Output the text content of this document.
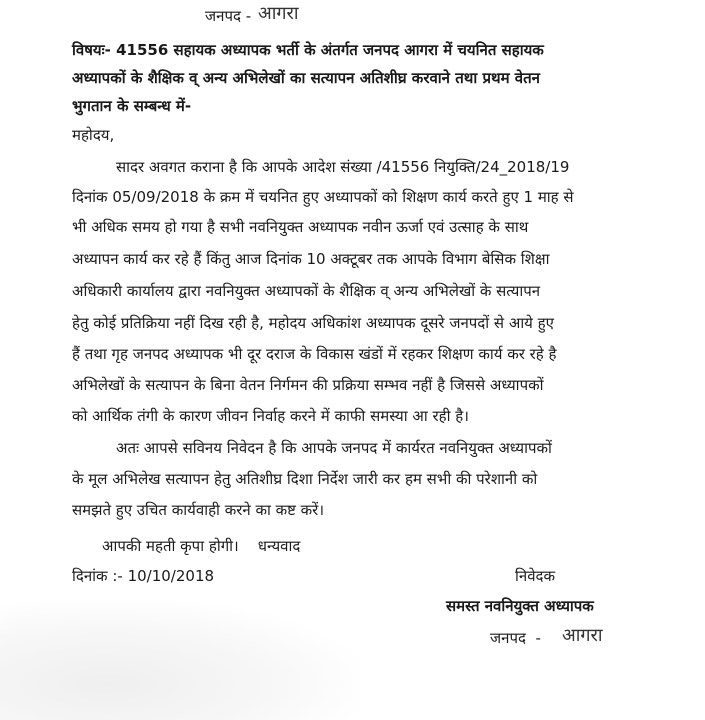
जनपद - आगरा
विषयः- 41556 सहायक अध्यापक भर्ती के अंतर्गत जनपद आगरा में चयनित सहायक
अध्यापकों के शैक्षिक व् अन्य अभिलेखों का सत्यापन अतिशीघ्र करवाने तथा प्रथम वेतन
भुगतान के सम्बन्ध में-
महोदय,
सादर अवगत कराना है कि आपके आदेश संख्या /41556 नियुक्ति/24_2018/19
दिनांक 05/09/2018 के क्रम में चयनित हुए अध्यापकों को शिक्षण कार्य करते हुए 1 माह से
भी अधिक समय हो गया है सभी नवनियुक्त अध्यापक नवीन ऊर्जा एवं उत्साह के साथ
अध्यापन कार्य कर रहे हैं किंतु आज दिनांक 10 अक्टूबर तक आपके विभाग बेसिक शिक्षा
अधिकारी कार्यालय द्वारा नवनियुक्त अध्यापकों के शैक्षिक व् अन्य अभिलेखों के सत्यापन
हेतु कोई प्रतिक्रिया नहीं दिख रही है, महोदय अधिकांश अध्यापक दूसरे जनपदों से आये हुए
हैं तथा गृह जनपद अध्यापक भी दूर दराज के विकास खंडों में रहकर शिक्षण कार्य कर रहे है
अभिलेखों के सत्यापन के बिना वेतन निर्गमन की प्रक्रिया सम्भव नहीं है जिससे अध्यापकों
को आर्थिक तंगी के कारण जीवन निर्वाह करने में काफी समस्या आ रही है।
अतः आपसे सविनय निवेदन है कि आपके जनपद में कार्यरत नवनियुक्त अध्यापकों
के मूल अभिलेख सत्यापन हेतु अतिशीघ्र दिशा निर्देश जारी कर हम सभी की परेशानी को
समझते हुए उचित कार्यवाही करने का कष्ट करें।
आपकी महती कृपा होगी।    धन्यवाद
दिनांक :- 10/10/2018	निवेदक
समस्त नवनियुक्त अध्यापक
जनपद  - आगरा
